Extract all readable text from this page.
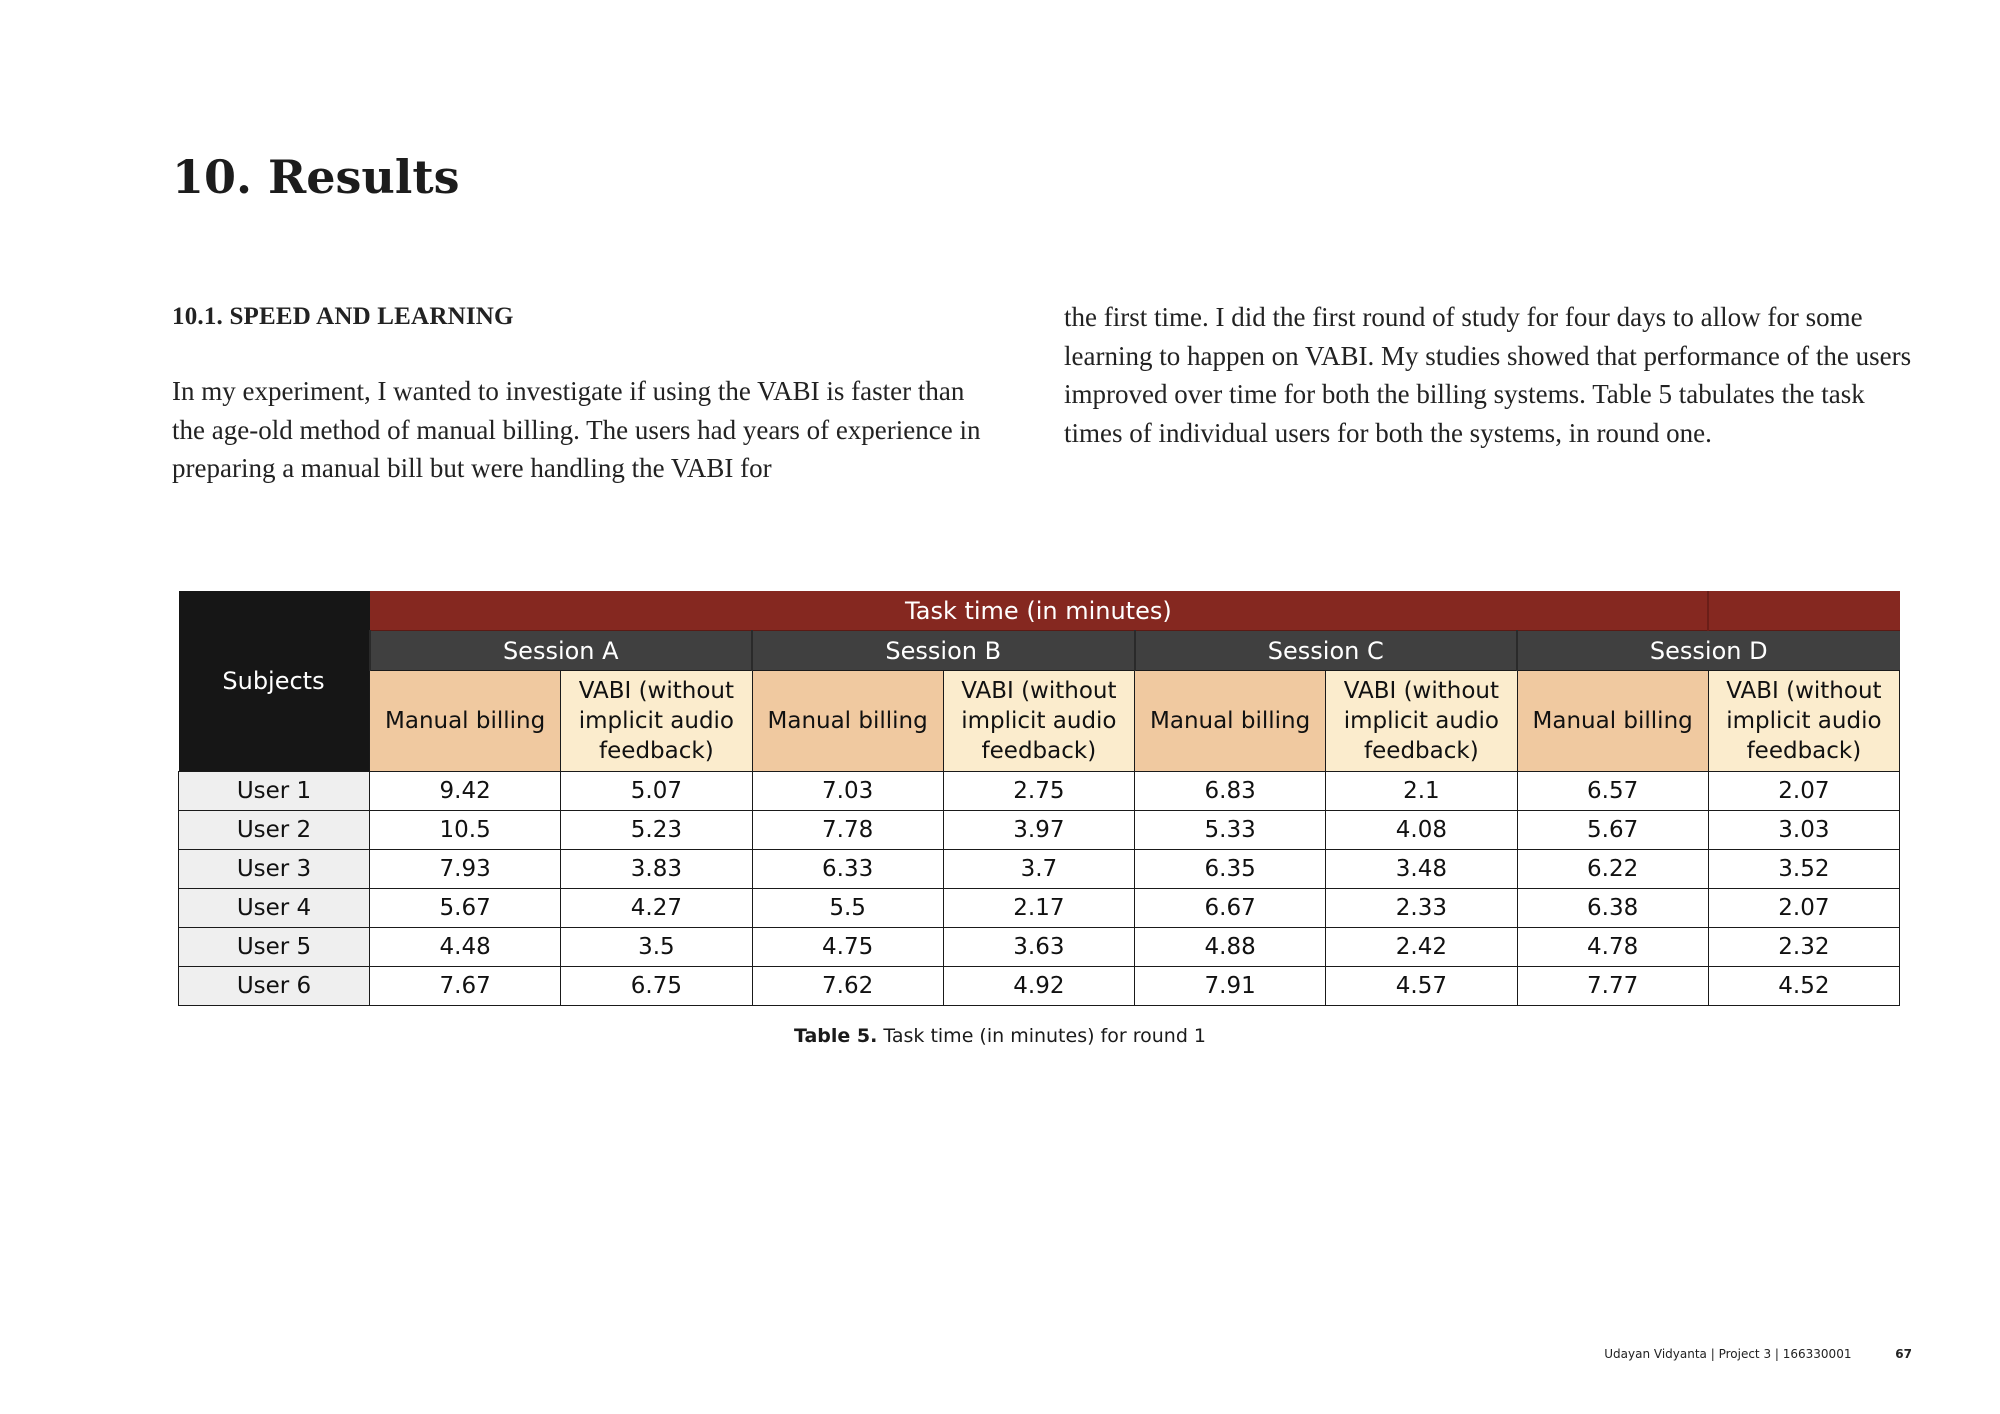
10. Results
10.1. SPEED AND LEARNING

In my experiment, I wanted to investigate if using the VABI is faster than the age-old method of manual billing. The users had years of experience in preparing a manual bill but were handling the VABI for

the first time. I did the first round of study for four days to allow for some learning to happen on VABI. My studies showed that performance of the users improved over time for both the billing systems. Table 5 tabulates the task times of individual users for both the systems, in round one.

Subjects	Task time (in minutes)							
	Session A		Session B		Session C		Session D	
	Manual billing	VABI (without implicit audio feedback)	Manual billing	VABI (without implicit audio feedback)	Manual billing	VABI (without implicit audio feedback)	Manual billing	VABI (without implicit audio feedback)
User 1	9.42	5.07	7.03	2.75	6.83	2.1	6.57	2.07
User 2	10.5	5.23	7.78	3.97	5.33	4.08	5.67	3.03
User 3	7.93	3.83	6.33	3.7	6.35	3.48	6.22	3.52
User 4	5.67	4.27	5.5	2.17	6.67	2.33	6.38	2.07
User 5	4.48	3.5	4.75	3.63	4.88	2.42	4.78	2.32
User 6	7.67	6.75	7.62	4.92	7.91	4.57	7.77	4.52
Table 5. Task time (in minutes) for round 1
Udayan Vidyanta | Project 3 | 166330001	67
